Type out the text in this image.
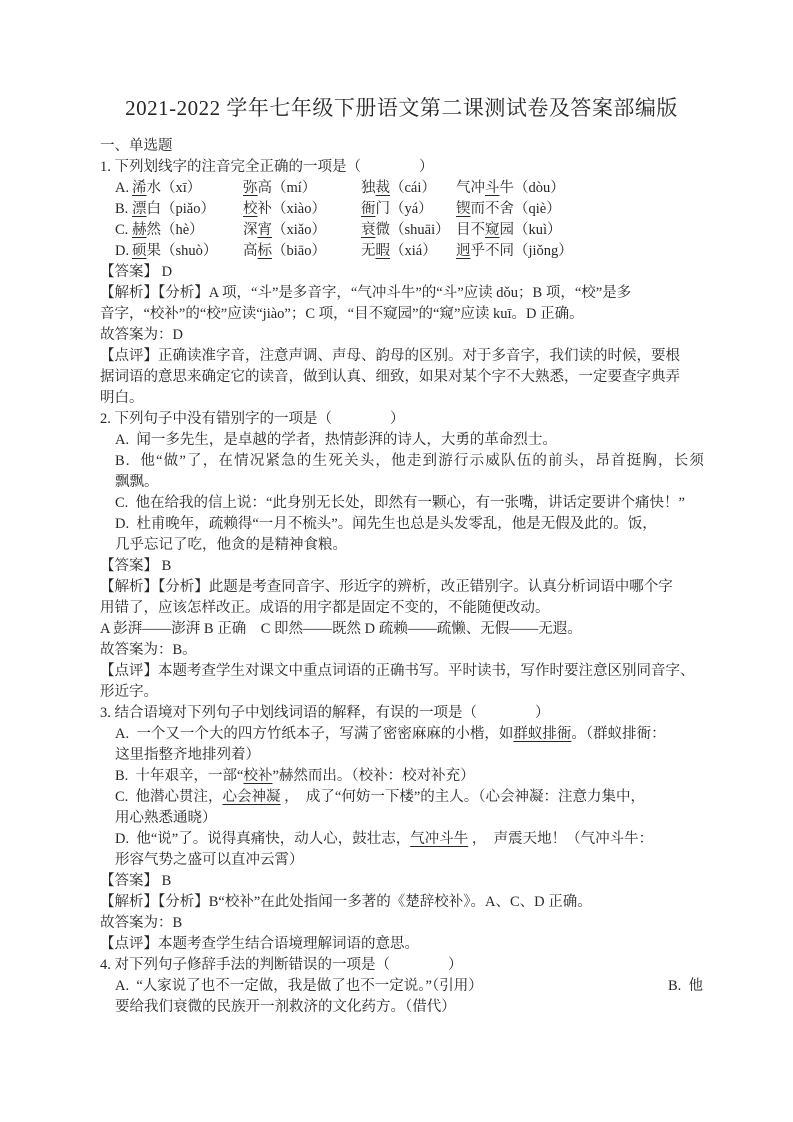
2021-2022 学年七年级下册语文第二课测试卷及答案部编版
一、单选题
1. 下列划线字的注音完全正确的一项是（　　　　）
A. 浠水（xī）	弥高（mí）	独裁（cái）	气冲斗牛（dòu）
B. 漂白（piǎo）	校补（xiào）	衙门（yá）	锲而不舍（qiè）
C. 赫然（hè）	深宵（xiǎo）	衰微（shuāi） 目不窥园（kuì）
D. 硕果（shuò）	高标（biāo）	无暇（xiá）	迥乎不同（jiǒng）
【答案】 D
【解析】【分析】A 项，“斗”是多音字，“气冲斗牛”的“斗”应读 dǒu；B 项，“校”是多
音字，“校补”的“校”应读“jiào”；C 项，“目不窥园”的“窥”应读 kuī。D 正确。
故答案为：D
【点评】正确读准字音，注意声调、声母、韵母的区别。对于多音字，我们读的时候，要根
据词语的意思来确定它的读音，做到认真、细致，如果对某个字不大熟悉，一定要查字典弄
明白。
2. 下列句子中没有错别字的一项是（　　　　）
A.  闻一多先生，是卓越的学者，热情彭湃的诗人，大勇的革命烈士。
B.  他“做”了，在情况紧急的生死关头，他走到游行示威队伍的前头，昂首挺胸，长须
飘飘。
C.  他在给我的信上说：“此身别无长处，即然有一颗心，有一张嘴，讲话定要讲个痛快！”
D.  杜甫晚年，疏赖得“一月不梳头”。闻先生也总是头发零乱，他是无假及此的。饭，
几乎忘记了吃，他贪的是精神食粮。
【答案】 B
【解析】【分析】此题是考查同音字、形近字的辨析，改正错别字。认真分析词语中哪个字
用错了，应该怎样改正。成语的用字都是固定不变的，不能随便改动。
A 彭湃——澎湃 B 正确　C 即然——既然 D 疏赖——疏懒、无假——无遐。
故答案为：B。
【点评】本题考查学生对课文中重点词语的正确书写。平时读书，写作时要注意区别同音字、
形近字。
3. 结合语境对下列句子中划线词语的解释，有误的一项是（　　　　）
A.  一个又一个大的四方竹纸本子，写满了密密麻麻的小楷，如群蚁排衙。（群蚁排衙：
这里指整齐地排列着）
B.  十年艰辛，一部“校补”赫然而出。（校补：校对补充）
C.  他潜心贯注，心会神凝 ，　成了“何妨一下楼”的主人。（心会神凝：注意力集中，
用心熟悉通晓）
D.  他“说”了。说得真痛快，动人心，鼓壮志，气冲斗牛 ，　声震天地！（气冲斗牛：
形容气势之盛可以直冲云霄）
【答案】 B
【解析】【分析】B“校补”在此处指闻一多著的《楚辞校补》。A、C、D 正确。
故答案为：B
【点评】本题考查学生结合语境理解词语的意思。
4. 对下列句子修辞手法的判断错误的一项是（　　　　）
A.  “人家说了也不一定做，我是做了也不一定说。”（引用）	B.  他
要给我们衰微的民族开一剂救济的文化药方。（借代）
